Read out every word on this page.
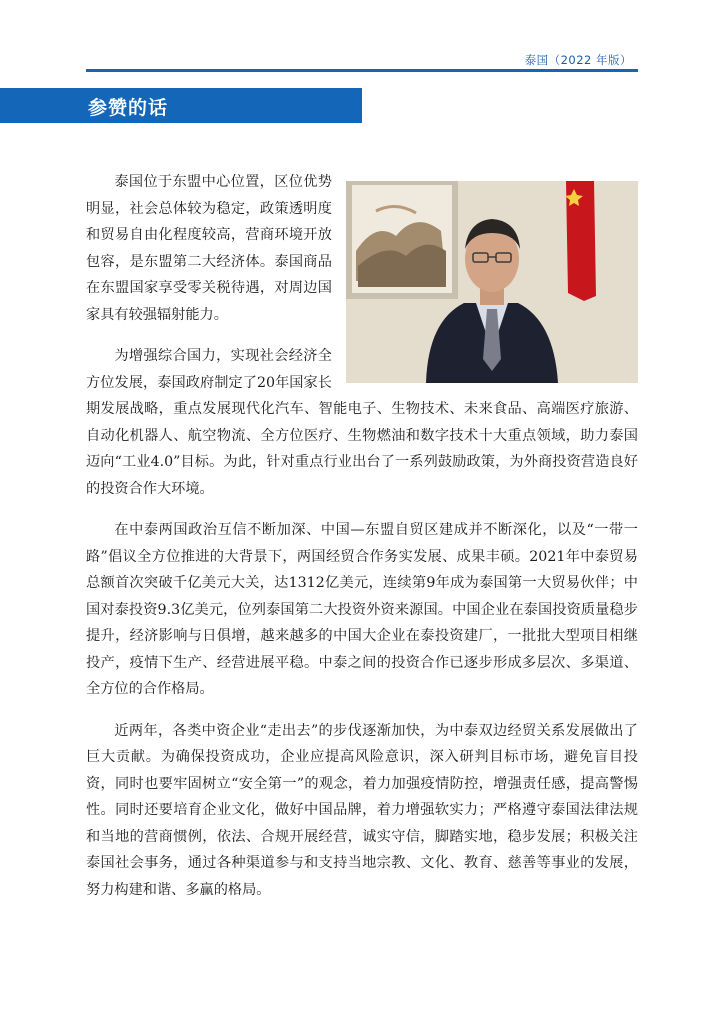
泰国（2022 年版）
参赞的话

泰国位于东盟中心位置，区位优势明显，社会总体较为稳定，政策透明度和贸易自由化程度较高，营商环境开放包容，是东盟第二大经济体。泰国商品在东盟国家享受零关税待遇，对周边国家具有较强辐射能力。

为增强综合国力，实现社会经济全方位发展，泰国政府制定了20年国家长期发展战略，重点发展现代化汽车、智能电子、生物技术、未来食品、高端医疗旅游、自动化机器人、航空物流、全方位医疗、生物燃油和数字技术十大重点领域，助力泰国迈向“工业4.0”目标。为此，针对重点行业出台了一系列鼓励政策，为外商投资营造良好的投资合作大环境。

在中泰两国政治互信不断加深、中国—东盟自贸区建成并不断深化，以及“一带一路”倡议全方位推进的大背景下，两国经贸合作务实发展、成果丰硕。2021年中泰贸易总额首次突破千亿美元大关，达1312亿美元，连续第9年成为泰国第一大贸易伙伴；中国对泰投资9.3亿美元，位列泰国第二大投资外资来源国。中国企业在泰国投资质量稳步提升，经济影响与日俱增，越来越多的中国大企业在泰投资建厂，一批批大型项目相继投产，疫情下生产、经营进展平稳。中泰之间的投资合作已逐步形成多层次、多渠道、全方位的合作格局。

近两年，各类中资企业“走出去”的步伐逐渐加快，为中泰双边经贸关系发展做出了巨大贡献。为确保投资成功，企业应提高风险意识，深入研判目标市场，避免盲目投资，同时也要牢固树立“安全第一”的观念，着力加强疫情防控，增强责任感，提高警惕性。同时还要培育企业文化，做好中国品牌，着力增强软实力；严格遵守泰国法律法规和当地的营商惯例，依法、合规开展经营，诚实守信，脚踏实地，稳步发展；积极关注泰国社会事务，通过各种渠道参与和支持当地宗教、文化、教育、慈善等事业的发展，努力构建和谐、多赢的格局。
